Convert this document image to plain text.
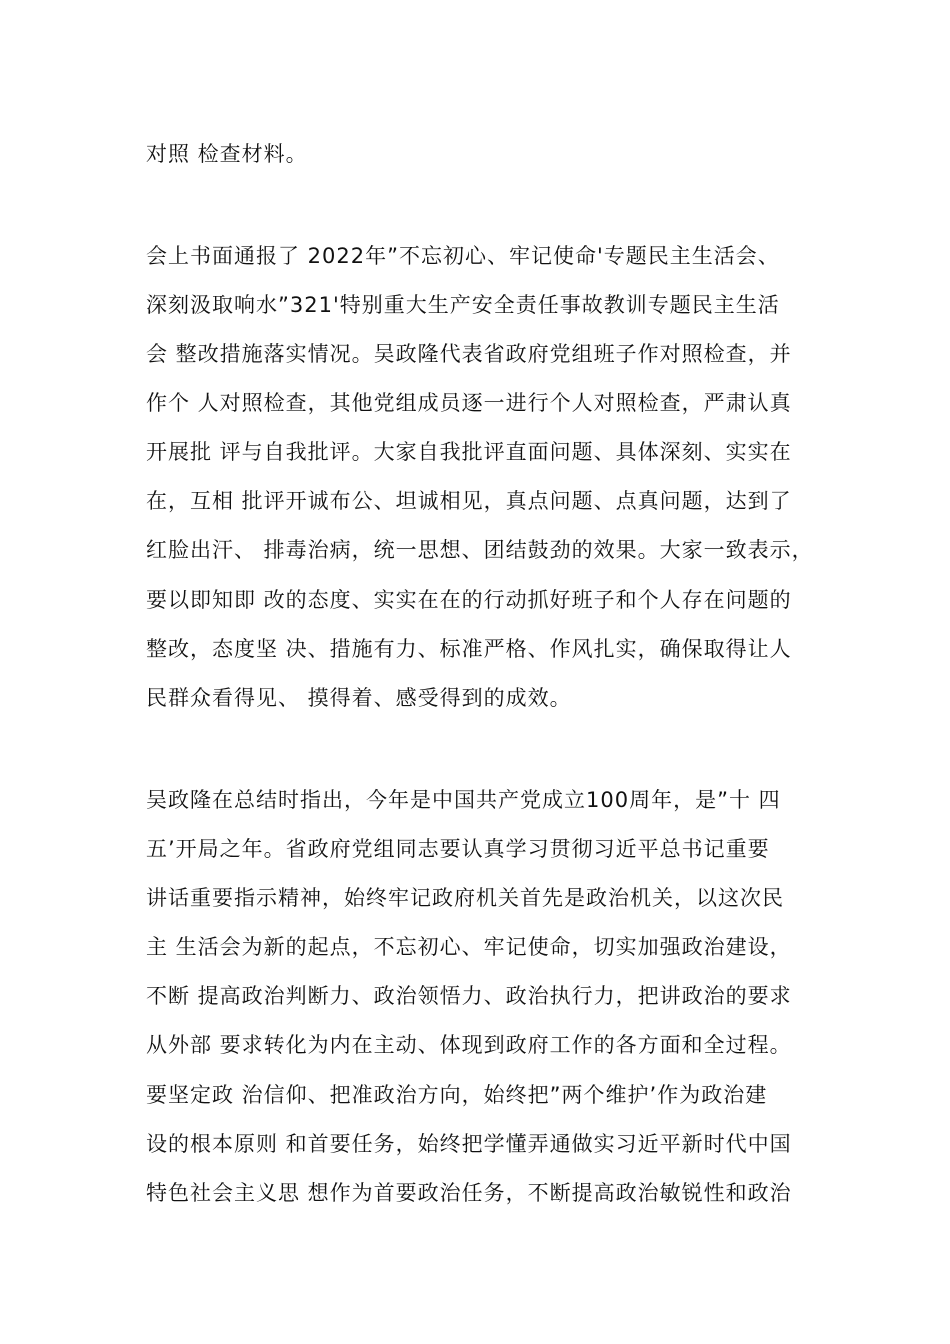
对照 检查材料。
会上书面通报了 2022年”不忘初心、牢记使命'专题民主生活会、
深刻汲取响水”321'特别重大生产安全责任事故教训专题民主生活
会 整改措施落实情况。吴政隆代表省政府党组班子作对照检查，并
作个 人对照检查，其他党组成员逐一进行个人对照检查，严肃认真
开展批 评与自我批评。大家自我批评直面问题、具体深刻、实实在
在，互相 批评开诚布公、坦诚相见，真点问题、点真问题，达到了
红脸出汗、 排毒治病，统一思想、团结鼓劲的效果。大家一致表示，
要以即知即 改的态度、实实在在的行动抓好班子和个人存在问题的
整改，态度坚 决、措施有力、标准严格、作风扎实，确保取得让人
民群众看得见、 摸得着、感受得到的成效。
吴政隆在总结时指出，今年是中国共产党成立100周年，是”十 四
五’开局之年。省政府党组同志要认真学习贯彻习近平总书记重要
讲话重要指示精神，始终牢记政府机关首先是政治机关，以这次民
主 生活会为新的起点，不忘初心、牢记使命，切实加强政治建设，
不断 提高政治判断力、政治领悟力、政治执行力，把讲政治的要求
从外部 要求转化为内在主动、体现到政府工作的各方面和全过程。
要坚定政 治信仰、把准政治方向，始终把”两个维护’作为政治建
设的根本原则 和首要任务，始终把学懂弄通做实习近平新时代中国
特色社会主义思 想作为首要政治任务，不断提高政治敏锐性和政治
